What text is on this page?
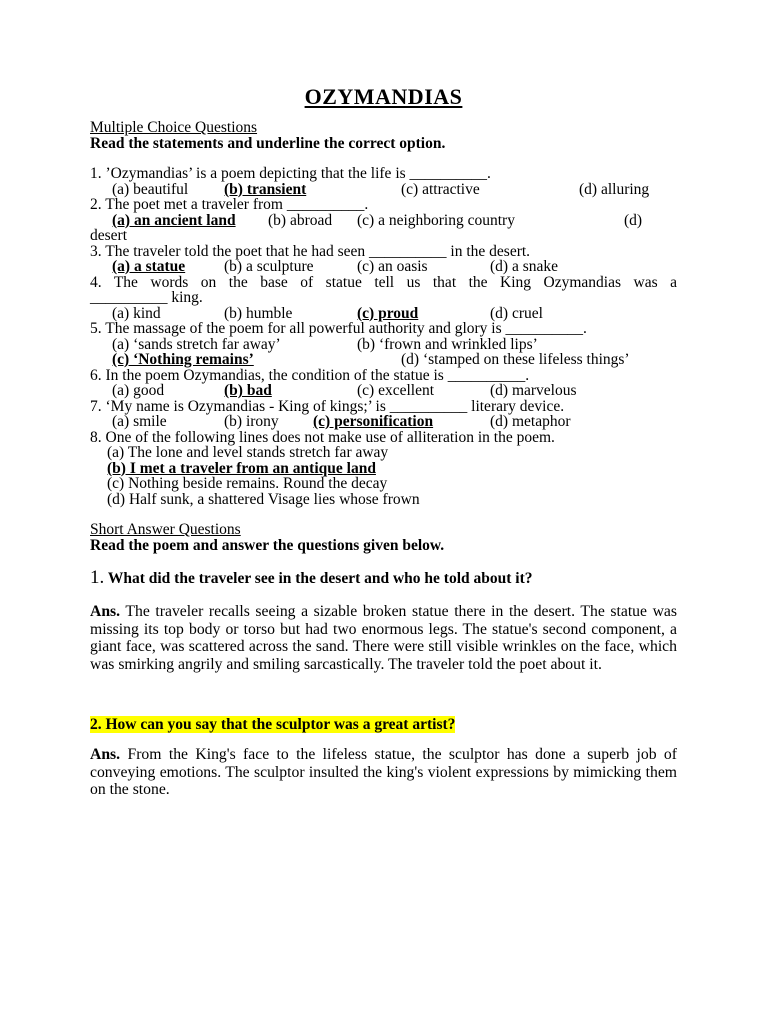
OZYMANDIAS

Multiple Choice Questions

Read the statements and underline the correct option.

1. ’Ozymandias’ is a poem depicting that the life is __________.

(a) beautiful (b) transient	(c) attractive	(d) alluring

2. The poet met a traveler from __________.

(a) an ancient land (b) abroad (c) a neighboring country	(d)

desert

3. The traveler told the poet that he had seen __________ in the desert.

(a) a statue	(b) a sculpture	(c) an oasis	(d) a snake

4. The words on the base of statue tell us that the King Ozymandias was a

__________ king.

(a) kind	(b) humble	(c) proud	(d) cruel

5. The massage of the poem for all powerful authority and glory is __________.

(a) ‘sands stretch far away’	(b) ‘frown and wrinkled lips’
(c) ‘Nothing remains’	(d) ‘stamped on these lifeless things’

6. In the poem Ozymandias, the condition of the statue is __________.

(a) good	(b) bad	(c) excellent	(d) marvelous

7. ‘My name is Ozymandias - King of kings;’ is __________ literary device.

(a) smile	(b) irony (c) personification	(d) metaphor

8. One of the following lines does not make use of alliteration in the poem.

(a) The lone and level stands stretch far away

(b) I met a traveler from an antique land

(c) Nothing beside remains. Round the decay

(d) Half sunk, a shattered Visage lies whose frown

Short Answer Questions

Read the poem and answer the questions given below.

1. What did the traveler see in the desert and who he told about it?

Ans. The traveler recalls seeing a sizable broken statue there in the desert. The statue was missing its top body or torso but had two enormous legs. The statue's second component, a giant face, was scattered across the sand. There were still visible wrinkles on the face, which was smirking angrily and smiling sarcastically. The traveler told the poet about it.

2. How can you say that the sculptor was a great artist?

Ans. From the King's face to the lifeless statue, the sculptor has done a superb job of conveying emotions. The sculptor insulted the king's violent expressions by mimicking them on the stone.
